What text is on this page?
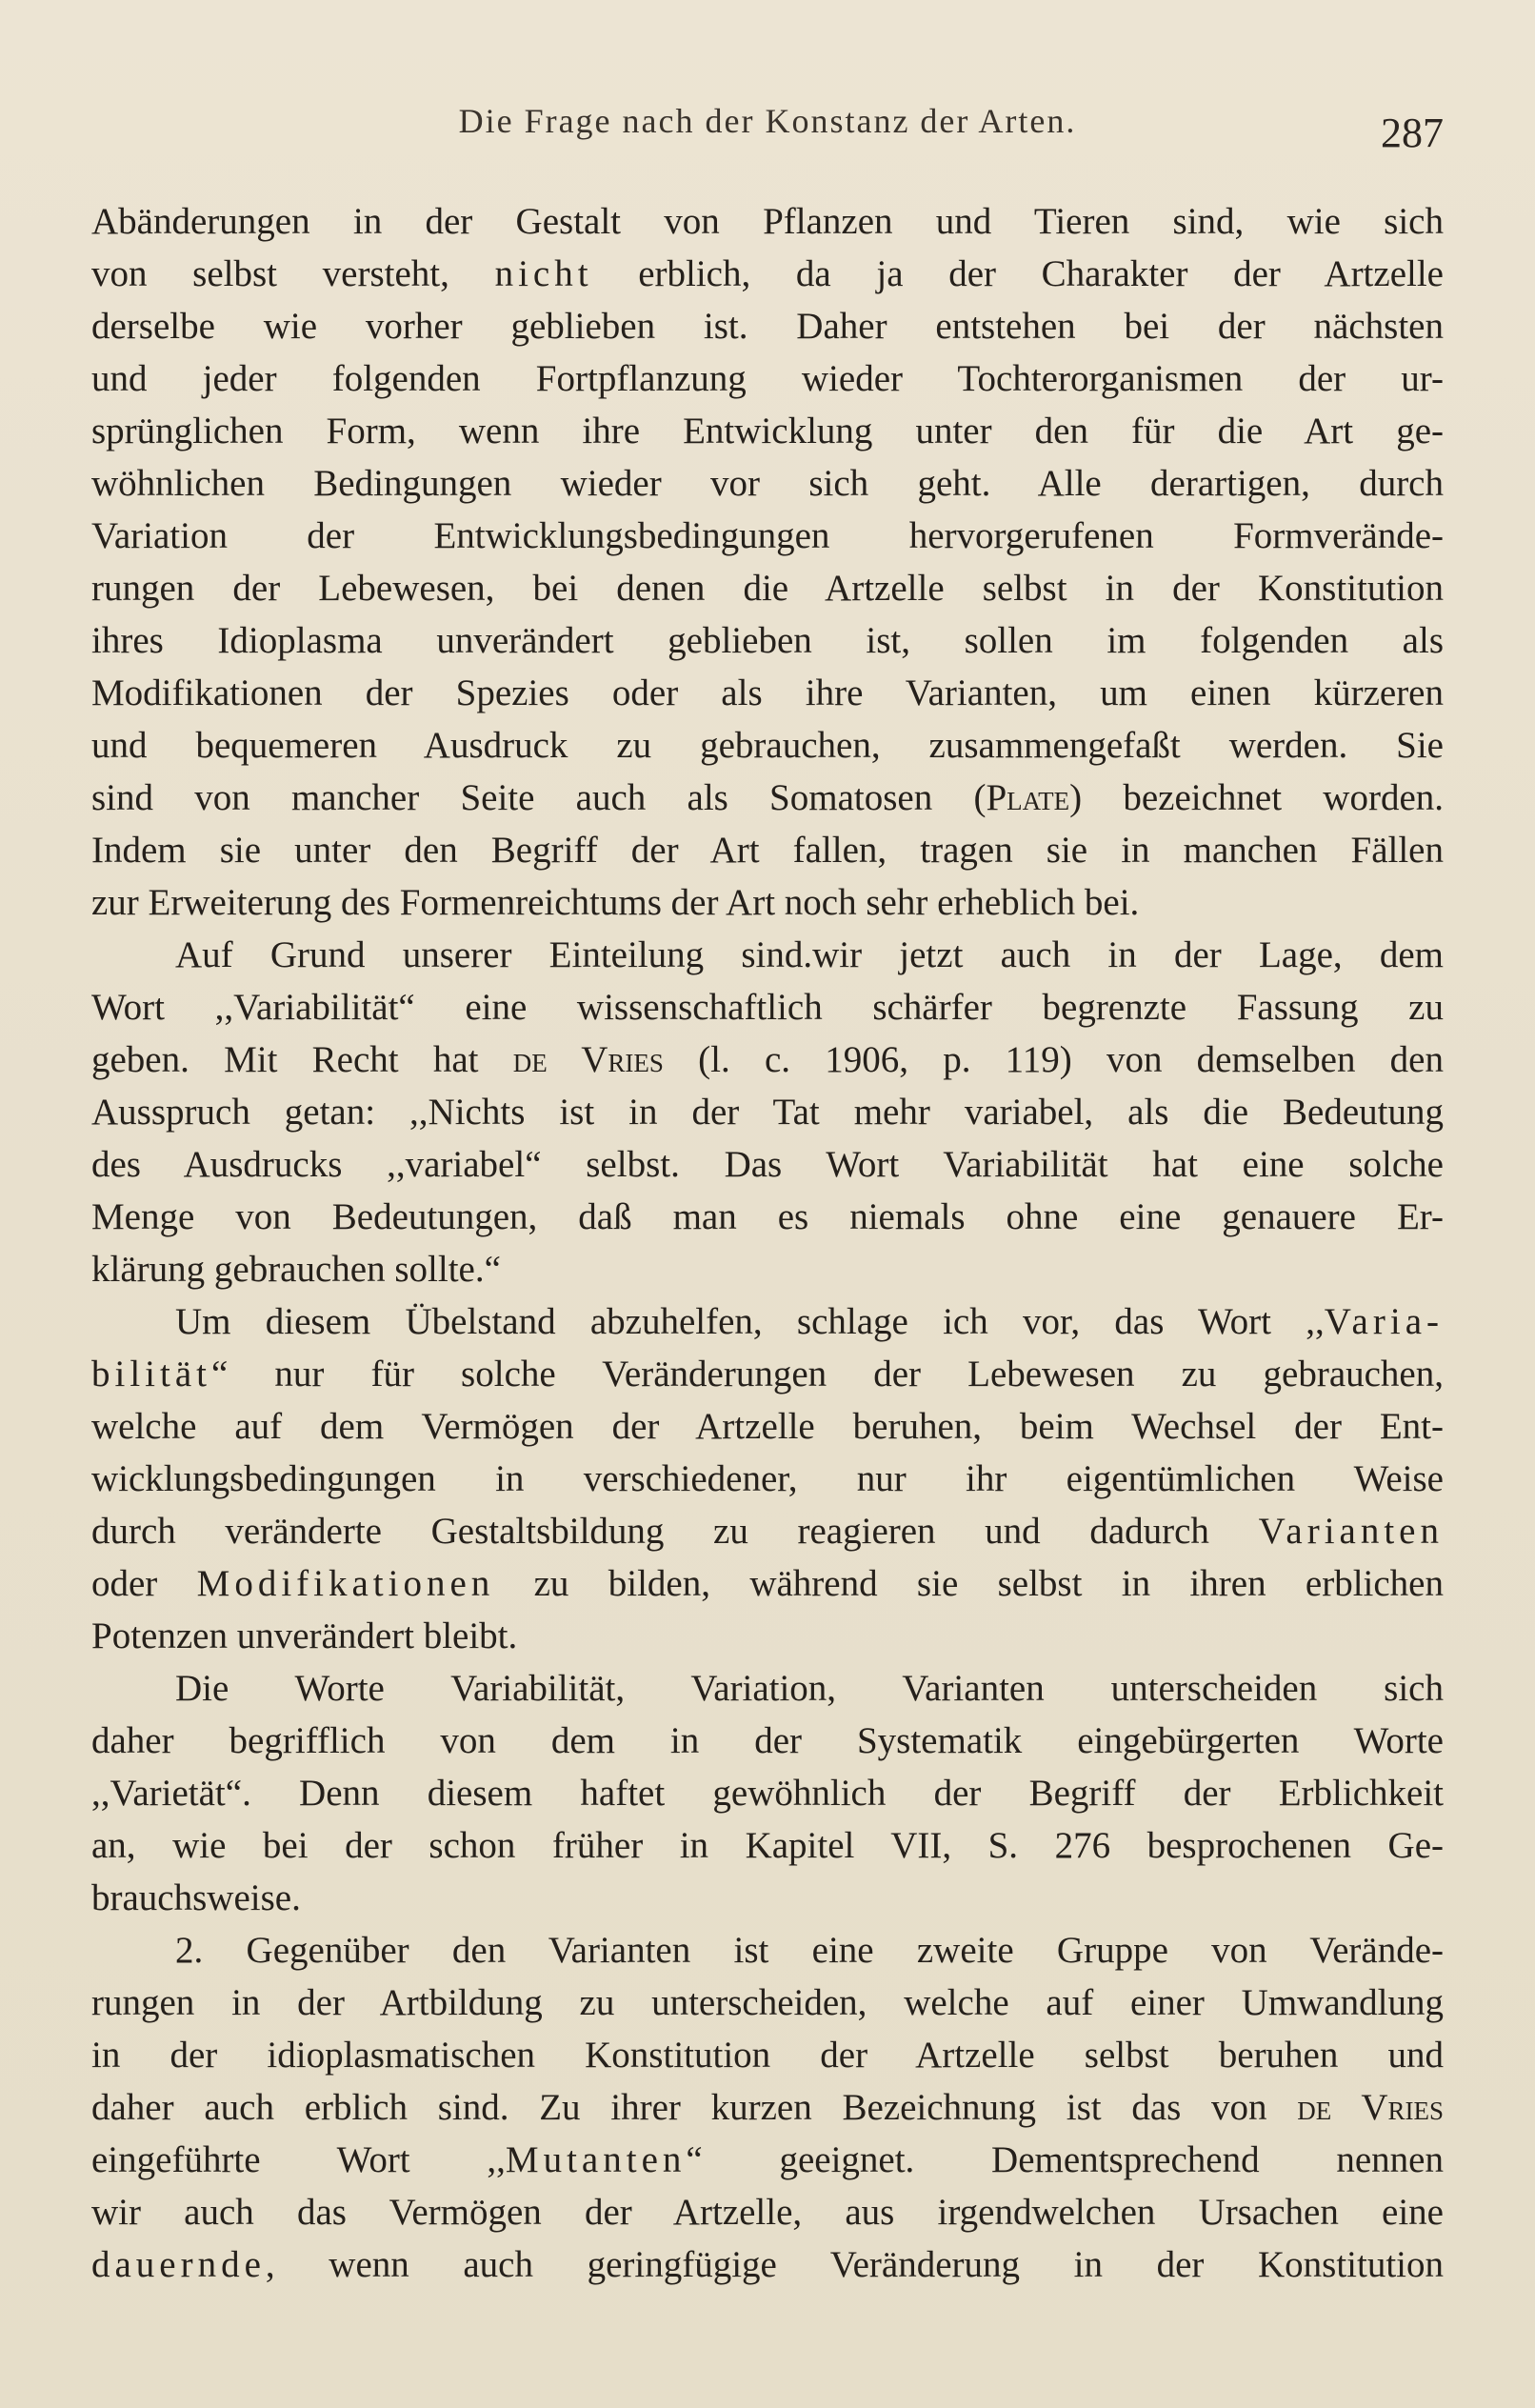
Die Frage nach der Konstanz der Arten.	287
Abänderungen in der Gestalt von Pflanzen und Tieren sind, wie sich
von selbst versteht, nicht erblich, da ja der Charakter der Artzelle
derselbe wie vorher geblieben ist. Daher entstehen bei der nächsten
und jeder folgenden Fortpflanzung wieder Tochterorganismen der ur-
sprünglichen Form, wenn ihre Entwicklung unter den für die Art ge-
wöhnlichen Bedingungen wieder vor sich geht. Alle derartigen, durch
Variation der Entwicklungsbedingungen hervorgerufenen Formverände-
rungen der Lebewesen, bei denen die Artzelle selbst in der Konstitution
ihres Idioplasma unverändert geblieben ist, sollen im folgenden als
Modifikationen der Spezies oder als ihre Varianten, um einen kürzeren
und bequemeren Ausdruck zu gebrauchen, zusammengefaßt werden. Sie
sind von mancher Seite auch als Somatosen (Plate) bezeichnet worden.
Indem sie unter den Begriff der Art fallen, tragen sie in manchen Fällen
zur Erweiterung des Formenreichtums der Art noch sehr erheblich bei.
Auf Grund unserer Einteilung sind.wir jetzt auch in der Lage, dem
Wort ,,Variabilität“ eine wissenschaftlich schärfer begrenzte Fassung zu
geben. Mit Recht hat de Vries (l. c. 1906, p. 119) von demselben den
Ausspruch getan: ,,Nichts ist in der Tat mehr variabel, als die Bedeutung
des Ausdrucks ,,variabel“ selbst. Das Wort Variabilität hat eine solche
Menge von Bedeutungen, daß man es niemals ohne eine genauere Er-
klärung gebrauchen sollte.“
Um diesem Übelstand abzuhelfen, schlage ich vor, das Wort ,,Varia-
bilität“ nur für solche Veränderungen der Lebewesen zu gebrauchen,
welche auf dem Vermögen der Artzelle beruhen, beim Wechsel der Ent-
wicklungsbedingungen in verschiedener, nur ihr eigentümlichen Weise
durch veränderte Gestaltsbildung zu reagieren und dadurch Varianten
oder Modifikationen zu bilden, während sie selbst in ihren erblichen
Potenzen unverändert bleibt.
Die Worte Variabilität, Variation, Varianten unterscheiden sich
daher begrifflich von dem in der Systematik eingebürgerten Worte
,,Varietät“. Denn diesem haftet gewöhnlich der Begriff der Erblichkeit
an, wie bei der schon früher in Kapitel VII, S. 276 besprochenen Ge-
brauchsweise.
2. Gegenüber den Varianten ist eine zweite Gruppe von Verände-
rungen in der Artbildung zu unterscheiden, welche auf einer Umwandlung
in der idioplasmatischen Konstitution der Artzelle selbst beruhen und
daher auch erblich sind. Zu ihrer kurzen Bezeichnung ist das von de Vries
eingeführte Wort ,,Mutanten“ geeignet. Dementsprechend nennen
wir auch das Vermögen der Artzelle, aus irgendwelchen Ursachen eine
dauernde, wenn auch geringfügige Veränderung in der Konstitution
